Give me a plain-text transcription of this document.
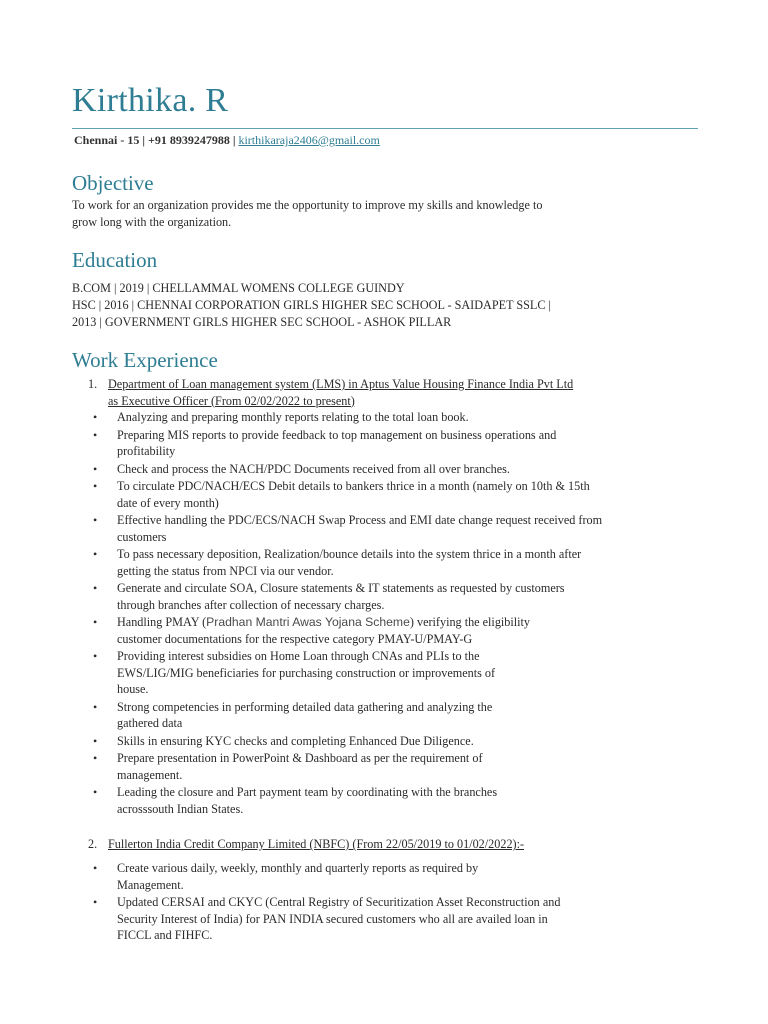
Kirthika. R
Chennai - 15 | +91 8939247988 | kirthikaraja2406@gmail.com
Objective
To work for an organization provides me the opportunity to improve my skills and knowledge to
grow long with the organization.
Education
B.COM | 2019 | CHELLAMMAL WOMENS COLLEGE GUINDY
HSC | 2016 | CHENNAI CORPORATION GIRLS HIGHER SEC SCHOOL - SAIDAPET SSLC |
2013 | GOVERNMENT GIRLS HIGHER SEC SCHOOL - ASHOK PILLAR
Work Experience
1. Department of Loan management system (LMS) in Aptus Value Housing Finance India Pvt Ltd
as Executive Officer (From 02/02/2022 to present)
• Analyzing and preparing monthly reports relating to the total loan book.
• Preparing MIS reports to provide feedback to top management on business operations and
profitability
• Check and process the NACH/PDC Documents received from all over branches.
• To circulate PDC/NACH/ECS Debit details to bankers thrice in a month (namely on 10th & 15th
date of every month)
• Effective handling the PDC/ECS/NACH Swap Process and EMI date change request received from
customers
• To pass necessary deposition, Realization/bounce details into the system thrice in a month after
getting the status from NPCI via our vendor.
• Generate and circulate SOA, Closure statements & IT statements as requested by customers
through branches after collection of necessary charges.
• Handling PMAY (Pradhan Mantri Awas Yojana Scheme) verifying the eligibility
customer documentations for the respective category PMAY-U/PMAY-G
• Providing interest subsidies on Home Loan through CNAs and PLIs to the
EWS/LIG/MIG beneficiaries for purchasing construction or improvements of
house.
• Strong competencies in performing detailed data gathering and analyzing the
gathered data
• Skills in ensuring KYC checks and completing Enhanced Due Diligence.
• Prepare presentation in PowerPoint & Dashboard as per the requirement of
management.
• Leading the closure and Part payment team by coordinating with the branches
acrosssouth Indian States.
2. Fullerton India Credit Company Limited (NBFC) (From 22/05/2019 to 01/02/2022):-
• Create various daily, weekly, monthly and quarterly reports as required by
Management.
• Updated CERSAI and CKYC (Central Registry of Securitization Asset Reconstruction and
Security Interest of India) for PAN INDIA secured customers who all are availed loan in
FICCL and FIHFC.
